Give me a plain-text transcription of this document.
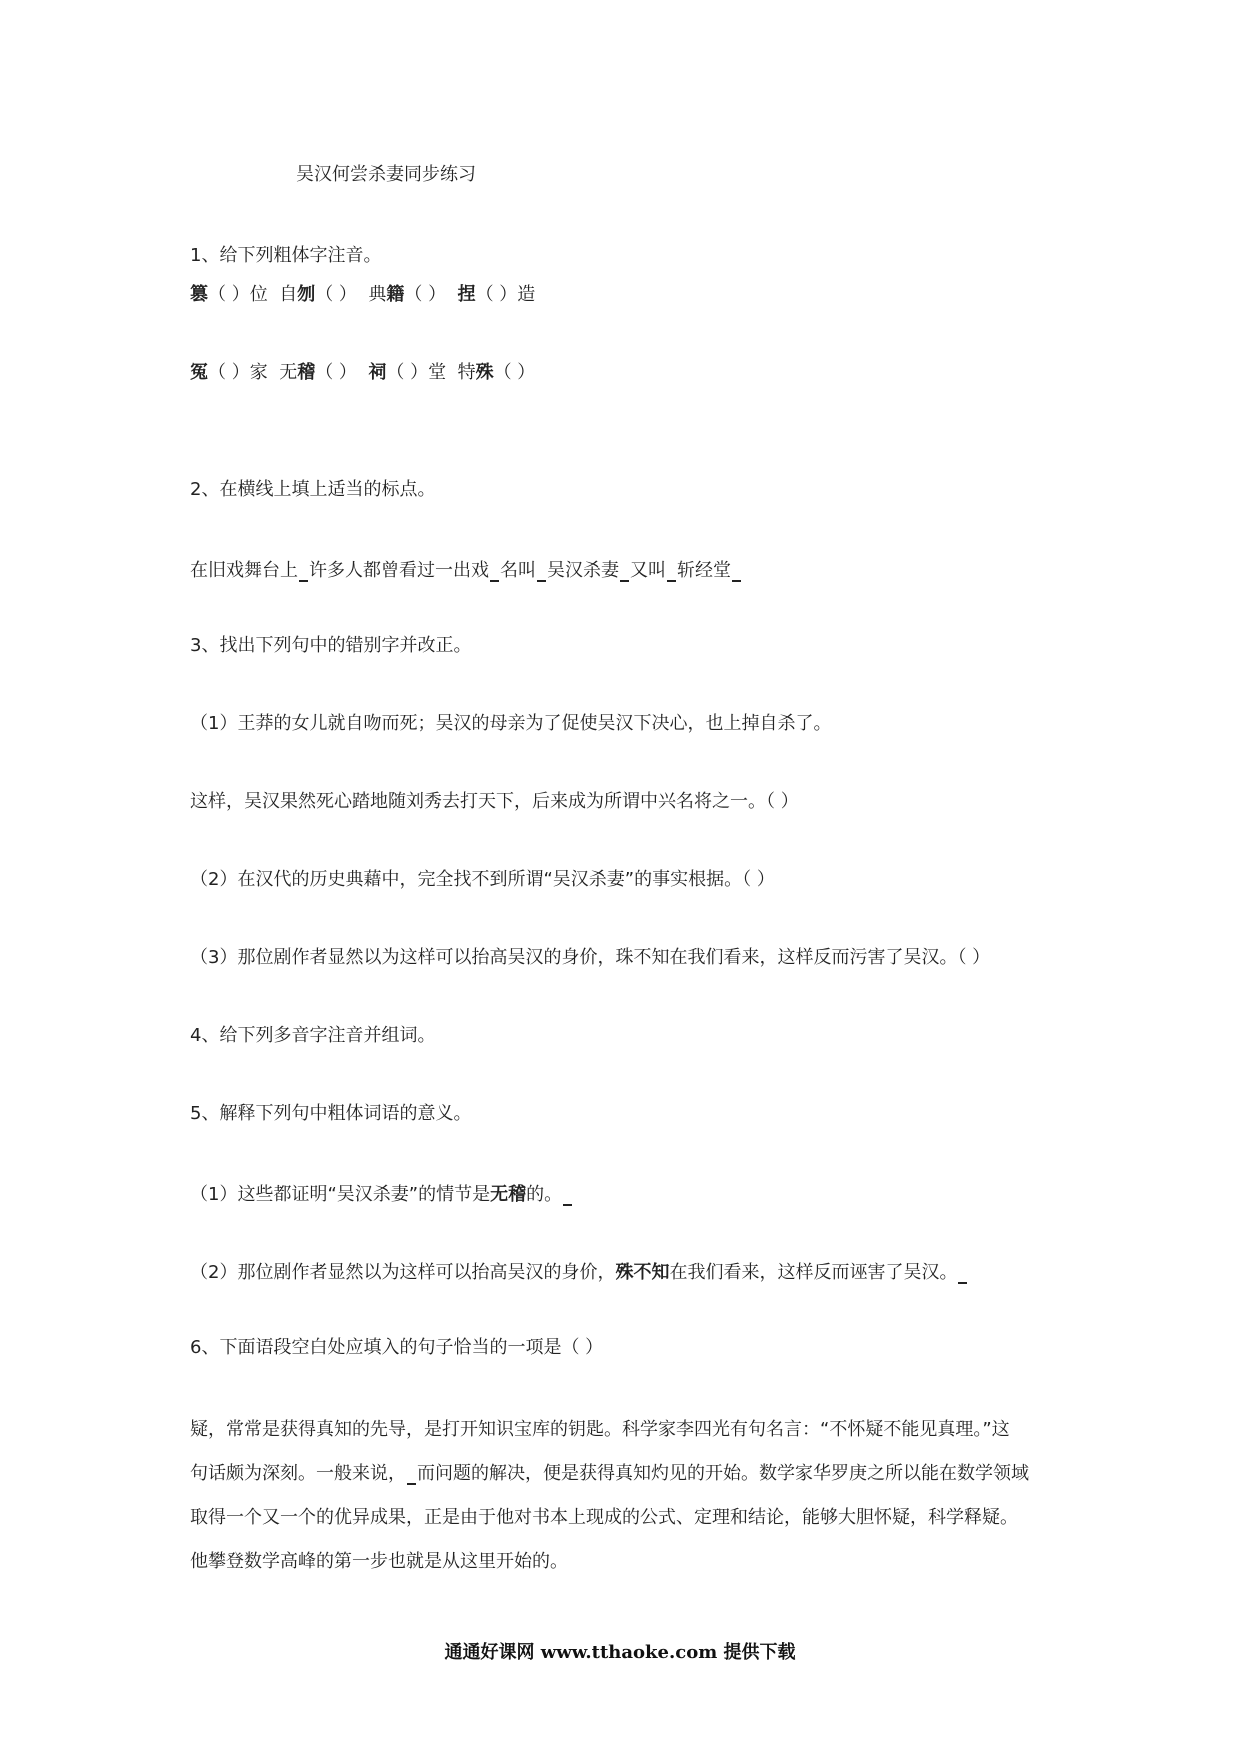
吴汉何尝杀妻同步练习
1、给下列粗体字注音。
篡（ ）位 自刎（ ） 典籍（ ） 捏（ ）造
冤（ ）家 无稽（ ） 祠（ ）堂 特殊（ ）
2、在横线上填上适当的标点。
在旧戏舞台上 许多人都曾看过一出戏 名叫 吴汉杀妻 又叫 斩经堂
3、找出下列句中的错别字并改正。
（1）王莽的女儿就自吻而死；吴汉的母亲为了促使吴汉下决心，也上掉自杀了。
这样，吴汉果然死心踏地随刘秀去打天下，后来成为所谓中兴名将之一。（ ）
（2）在汉代的历史典藉中，完全找不到所谓“吴汉杀妻”的事实根据。（ ）
（3）那位剧作者显然以为这样可以抬高吴汉的身价，珠不知在我们看来，这样反而污害了吴汉。（ ）
4、给下列多音字注音并组词。
5、解释下列句中粗体词语的意义。
（1）这些都证明“吴汉杀妻”的情节是无稽的。
（2）那位剧作者显然以为这样可以抬高吴汉的身价，殊不知在我们看来，这样反而诬害了吴汉。
6、下面语段空白处应填入的句子恰当的一项是（ ）
疑，常常是获得真知的先导，是打开知识宝库的钥匙。科学家李四光有句名言：“不怀疑不能见真理。”这
句话颇为深刻。一般来说， 而问题的解决，便是获得真知灼见的开始。数学家华罗庚之所以能在数学领域
取得一个又一个的优异成果，正是由于他对书本上现成的公式、定理和结论，能够大胆怀疑，科学释疑。
他攀登数学高峰的第一步也就是从这里开始的。
通通好课网 www.tthaoke.com 提供下载
